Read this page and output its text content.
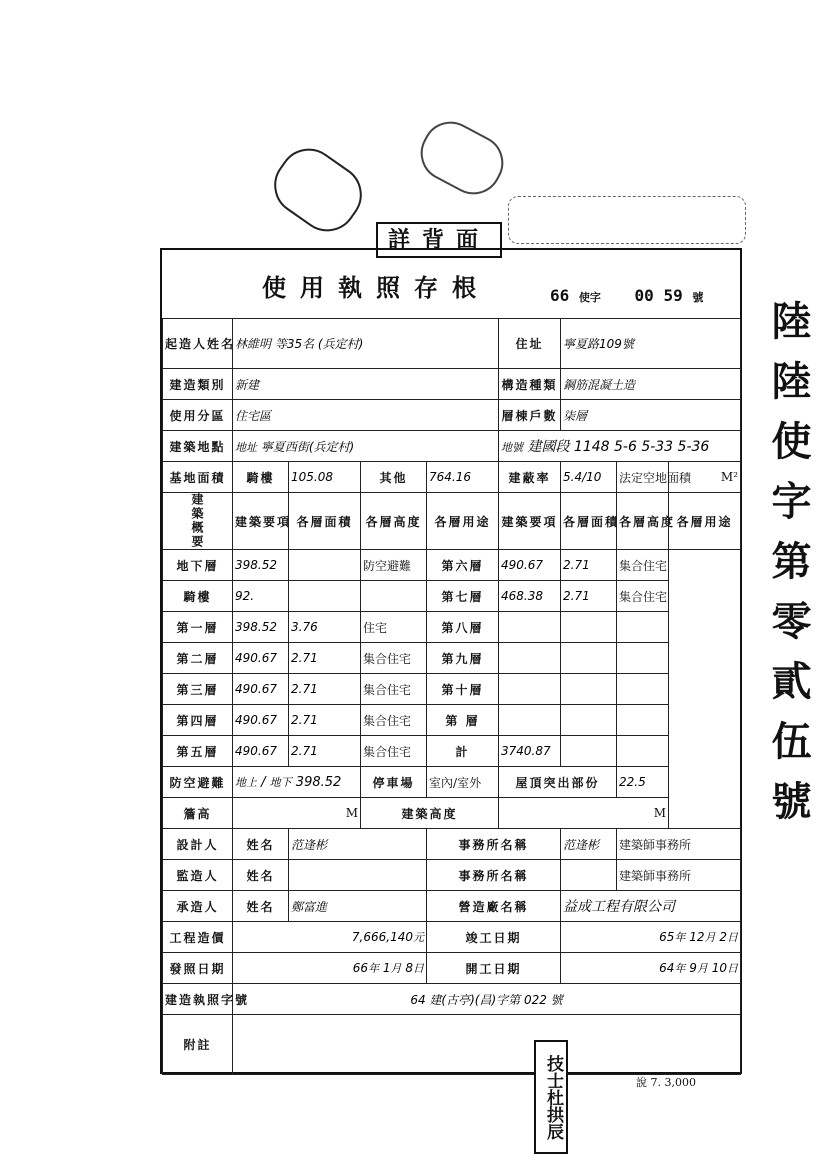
詳背面
使用執照存根	66 使字 00 59 號
起造人姓名	林維明 等35名 (兵定村)				住址	寧夏路109號		
建造類別	新建				構造種類	鋼筋混凝土造		
使用分區	住宅區				層棟戶數	柒層		
建築地點	地址 寧夏西街(兵定村)				地號 建國段 1148 5-6 5-33 5-36			
基地面積	騎樓	105.08	其他	764.16	建蔽率	5.4/10	法定空地面積	M²
建築概要	建築要項	各層面積	各層高度	各層用途	建築要項	各層面積	各層高度	各層用途
地下層	398.52		防空避難	第六層	490.67	2.71	集合住宅	
騎樓	92.			第七層	468.38	2.71	集合住宅	
第一層	398.52	3.76	住宅	第八層				
第二層	490.67	2.71	集合住宅	第九層				
第三層	490.67	2.71	集合住宅	第十層				
第四層	490.67	2.71	集合住宅	第 層				
第五層	490.67	2.71	集合住宅	計	3740.87			
防空避難	地上 / 地下 398.52		停車場	室內/室外	屋頂突出部份		22.5	
簷高	M		建築高度		M			
設計人	姓名	范逢彬		事務所名稱		范逢彬	建築師事務所	
監造人	姓名			事務所名稱			建築師事務所	
承造人	姓名	鄭富進		營造廠名稱		益成工程有限公司		
工程造價	7,666,140元			竣工日期		65年 12月 2日		
發照日期	66年 1月 8日			開工日期		64年 9月 10日		
建造執照字號	64 建(古亭)(昌)字第 022 號							
附註								
技士杜拱辰	說 7. 3,000
陸陸使字第零貳伍號
